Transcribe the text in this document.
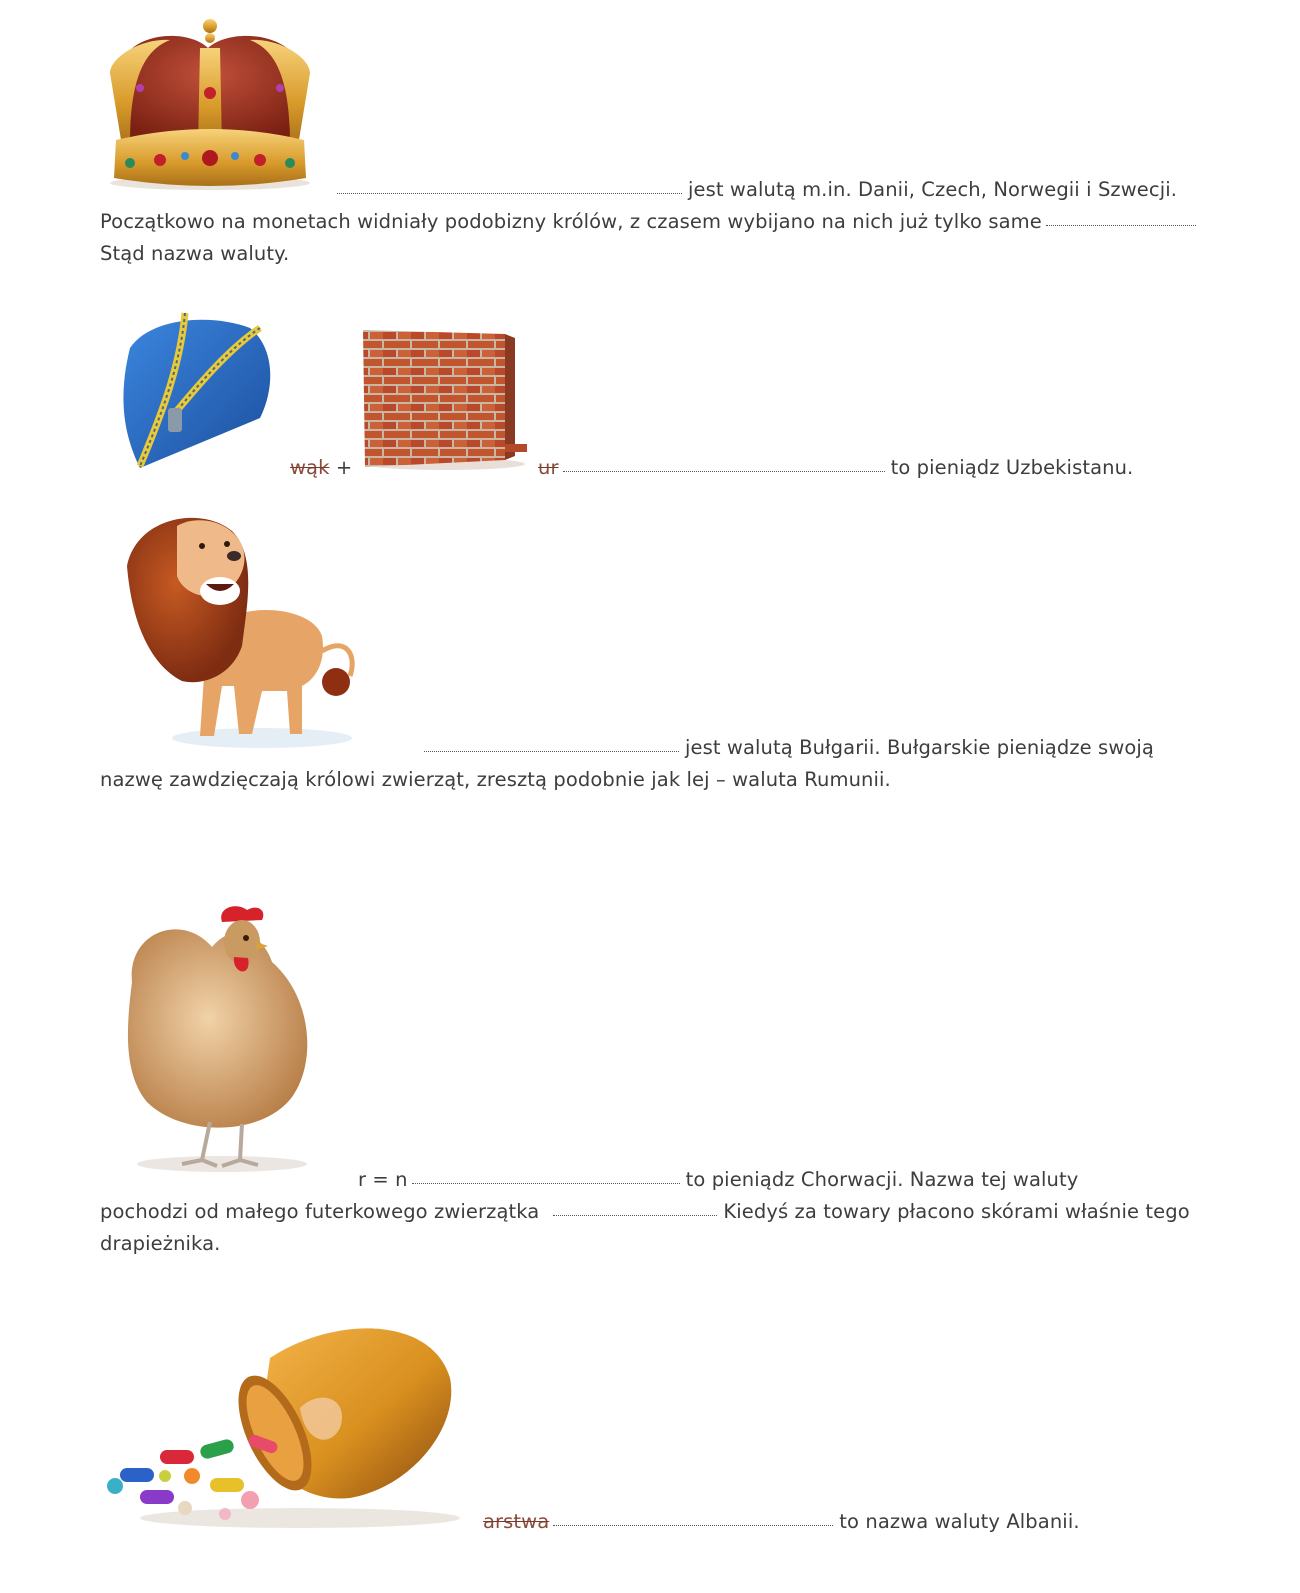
jest walutą m.in. Danii, Czech, Norwegii i Szwecji.
Początkowo na monetach widniały podobizny królów, z czasem wybijano na nich już tylko same
Stąd nazwa waluty.
wąk +	ur	to pieniądz Uzbekistanu.
jest walutą Bułgarii. Bułgarskie pieniądze swoją
nazwę zawdzięczają królowi zwierząt, zresztą podobnie jak lej – waluta Rumunii.
r = n	to pieniądz Chorwacji. Nazwa tej waluty
pochodzi od małego futerkowego zwierzątka	Kiedyś za towary płacono skórami właśnie tego
drapieżnika.
arstwa	to nazwa waluty Albanii.
